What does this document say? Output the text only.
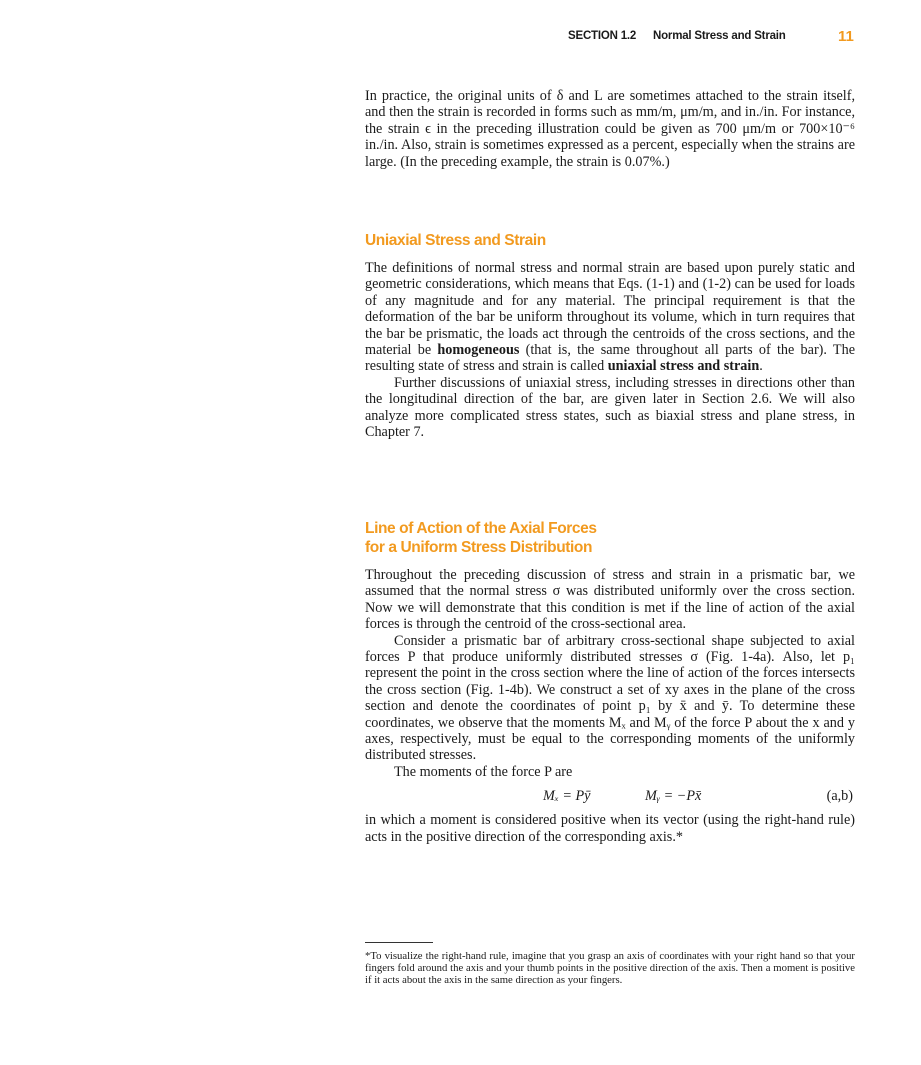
SECTION 1.2 Normal Stress and Strain	11

In practice, the original units of δ and L are sometimes attached to the strain itself, and then the strain is recorded in forms such as mm/m, μm/m, and in./in. For instance, the strain ϵ in the preceding illustration could be given as 700 μm/m or 700×10⁻⁶ in./in. Also, strain is sometimes expressed as a percent, especially when the strains are large. (In the preceding example, the strain is 0.07%.)

Uniaxial Stress and Strain

The definitions of normal stress and normal strain are based upon purely static and geometric considerations, which means that Eqs. (1-1) and (1-2) can be used for loads of any magnitude and for any material. The principal requirement is that the deformation of the bar be uniform throughout its volume, which in turn requires that the bar be prismatic, the loads act through the centroids of the cross sections, and the material be homogeneous (that is, the same throughout all parts of the bar). The resulting state of stress and strain is called uniaxial stress and strain.

Further discussions of uniaxial stress, including stresses in directions other than the longitudinal direction of the bar, are given later in Section 2.6. We will also analyze more complicated stress states, such as biaxial stress and plane stress, in Chapter 7.

Line of Action of the Axial Forces
for a Uniform Stress Distribution

Throughout the preceding discussion of stress and strain in a prismatic bar, we assumed that the normal stress σ was distributed uniformly over the cross section. Now we will demonstrate that this condition is met if the line of action of the axial forces is through the centroid of the cross-sectional area.

Consider a prismatic bar of arbitrary cross-sectional shape subjected to axial forces P that produce uniformly distributed stresses σ (Fig. 1-4a). Also, let p₁ represent the point in the cross section where the line of action of the forces intersects the cross section (Fig. 1-4b). We construct a set of xy axes in the plane of the cross section and denote the coordinates of point p₁ by x̄ and ȳ. To determine these coordinates, we observe that the moments Mₓ and Mᵧ of the force P about the x and y axes, respectively, must be equal to the corresponding moments of the uniformly distributed stresses.

The moments of the force P are

Mₓ = Pȳ	Mᵧ = −Px̄	(a,b)

in which a moment is considered positive when its vector (using the right-hand rule) acts in the positive direction of the corresponding axis.*

*To visualize the right-hand rule, imagine that you grasp an axis of coordinates with your right hand so that your fingers fold around the axis and your thumb points in the positive direction of the axis. Then a moment is positive if it acts about the axis in the same direction as your fingers.
